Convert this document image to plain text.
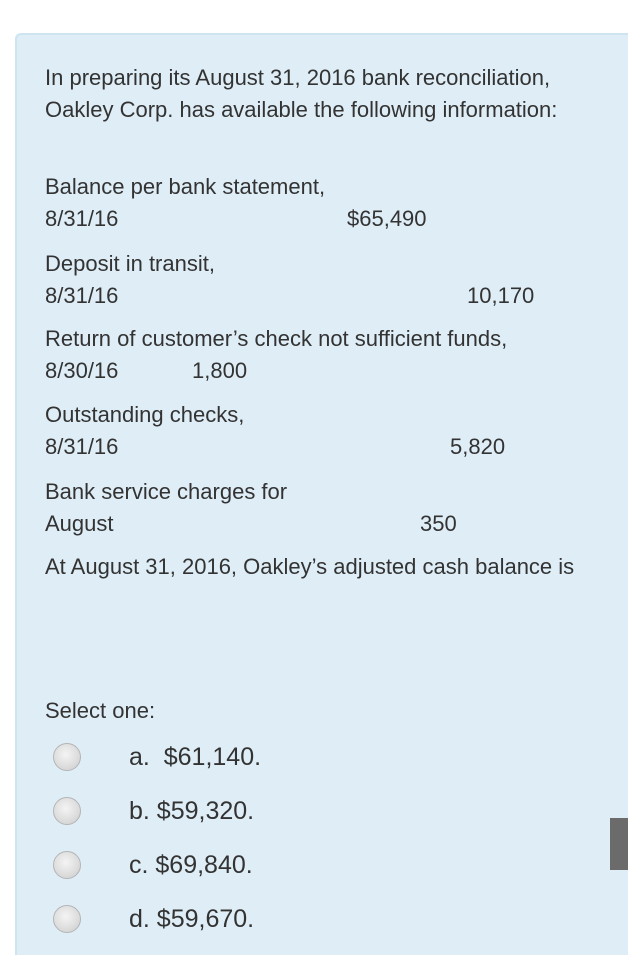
In preparing its August 31, 2016 bank reconciliation, Oakley Corp. has available the following information:
Balance per bank statement,
8/31/16	$65,490
Deposit in transit,
8/31/16	10,170
Return of customer’s check not sufficient funds,
8/30/16	1,800
Outstanding checks,
8/31/16	5,820
Bank service charges for
August	350
At August 31, 2016, Oakley’s adjusted cash balance is
Select one:
a.  $61,140.
b. $59,320.
c. $69,840.
d. $59,670.
